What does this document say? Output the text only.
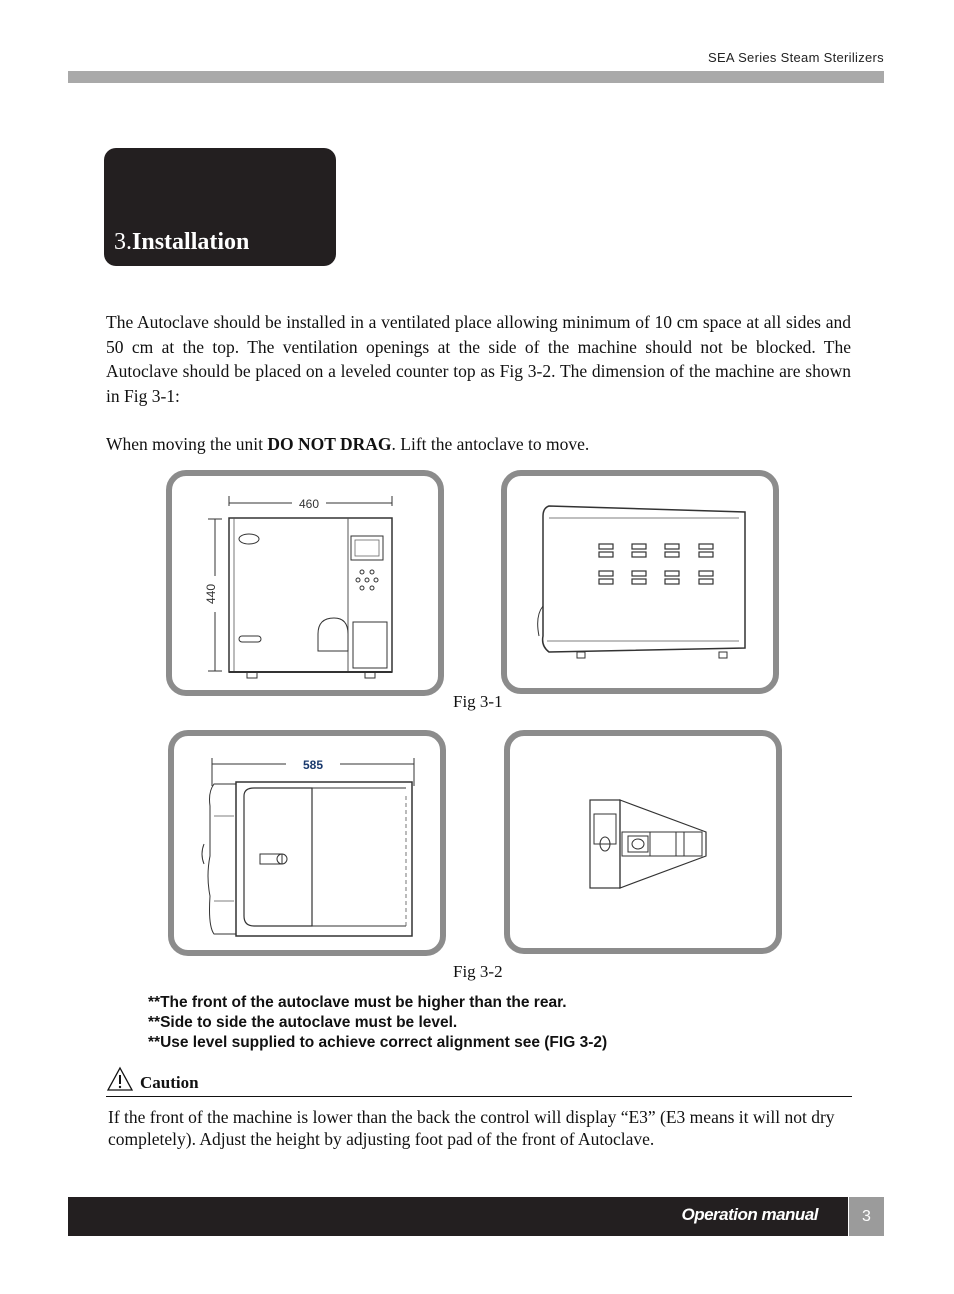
SEA Series Steam Sterilizers
3.Installation
The Autoclave should be installed in a ventilated place allowing minimum of 10 cm space at all sides and 50 cm at the top. The ventilation openings at the side of the machine should not be blocked. The Autoclave should be placed on a leveled counter top as Fig 3-2. The dimension of the machine are shown in Fig 3-1:
When moving the unit DO NOT DRAG. Lift the antoclave to move.
460
440
Fig 3-1
585
Fig 3-2
**The front of the autoclave must be higher than the rear.
**Side to side the autoclave must be level.
**Use level supplied to achieve correct alignment see (FIG 3-2)
Caution
If the front of the machine is lower than the back the control will display “E3” (E3 means it will not dry completely). Adjust the height by adjusting foot pad of the front of Autoclave.
Operation manual	3
